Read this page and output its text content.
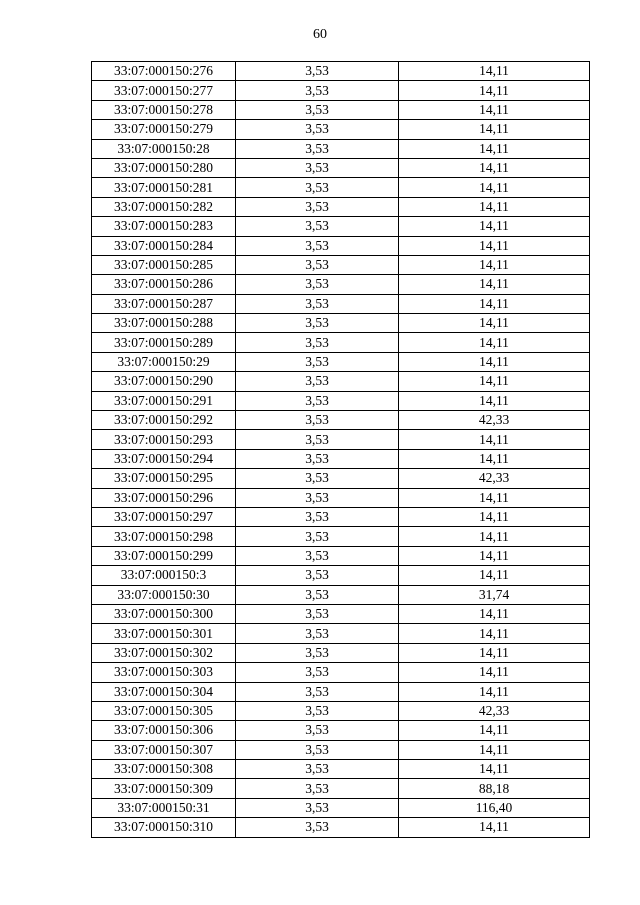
60
33:07:000150:276	3,53	14,11
33:07:000150:277	3,53	14,11
33:07:000150:278	3,53	14,11
33:07:000150:279	3,53	14,11
33:07:000150:28	3,53	14,11
33:07:000150:280	3,53	14,11
33:07:000150:281	3,53	14,11
33:07:000150:282	3,53	14,11
33:07:000150:283	3,53	14,11
33:07:000150:284	3,53	14,11
33:07:000150:285	3,53	14,11
33:07:000150:286	3,53	14,11
33:07:000150:287	3,53	14,11
33:07:000150:288	3,53	14,11
33:07:000150:289	3,53	14,11
33:07:000150:29	3,53	14,11
33:07:000150:290	3,53	14,11
33:07:000150:291	3,53	14,11
33:07:000150:292	3,53	42,33
33:07:000150:293	3,53	14,11
33:07:000150:294	3,53	14,11
33:07:000150:295	3,53	42,33
33:07:000150:296	3,53	14,11
33:07:000150:297	3,53	14,11
33:07:000150:298	3,53	14,11
33:07:000150:299	3,53	14,11
33:07:000150:3	3,53	14,11
33:07:000150:30	3,53	31,74
33:07:000150:300	3,53	14,11
33:07:000150:301	3,53	14,11
33:07:000150:302	3,53	14,11
33:07:000150:303	3,53	14,11
33:07:000150:304	3,53	14,11
33:07:000150:305	3,53	42,33
33:07:000150:306	3,53	14,11
33:07:000150:307	3,53	14,11
33:07:000150:308	3,53	14,11
33:07:000150:309	3,53	88,18
33:07:000150:31	3,53	116,40
33:07:000150:310	3,53	14,11
